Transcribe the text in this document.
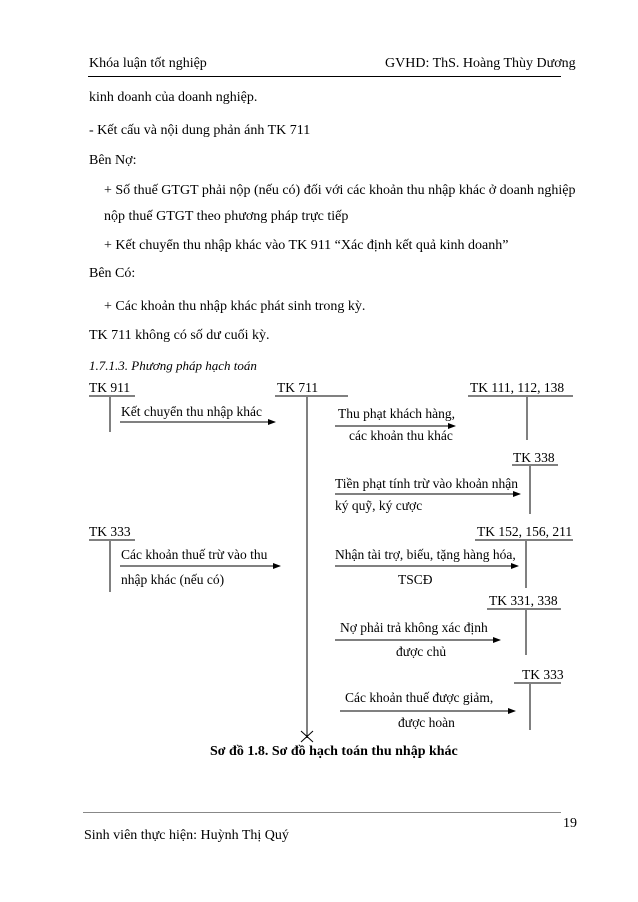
Khóa luận tốt nghiệp	GVHD: ThS. Hoàng Thùy Dương
kinh doanh của doanh nghiệp.
- Kết cấu và nội dung phản ánh TK 711
Bên Nợ:
+ Số thuế GTGT phải nộp (nếu có) đối với các khoản thu nhập khác ở doanh nghiệp
nộp thuế GTGT theo phương pháp trực tiếp
+ Kết chuyển thu nhập khác vào TK 911 “Xác định kết quả kinh doanh”
Bên Có:
+ Các khoản thu nhập khác phát sinh trong kỳ.
TK 711 không có số dư cuối kỳ.
1.7.1.3. Phương pháp hạch toán
TK 911	TK 711	TK 111, 112, 138
Kết chuyển thu nhập khác	Thu phạt khách hàng,
các khoản thu khác
TK 338
Tiền phạt tính trừ vào khoản nhận
ký quỹ, ký cược
TK 333	TK 152, 156, 211
Các khoản thuế trừ vào thu
nhập khác (nếu có)
Nhận tài trợ, biếu, tặng hàng hóa,
TSCĐ
TK 331, 338
Nợ phải trả không xác định
được chủ
TK 333
Các khoản thuế được giảm,
được hoàn
Sơ đồ 1.8. Sơ đồ hạch toán thu nhập khác
19
Sinh viên thực hiện: Huỳnh Thị Quý
